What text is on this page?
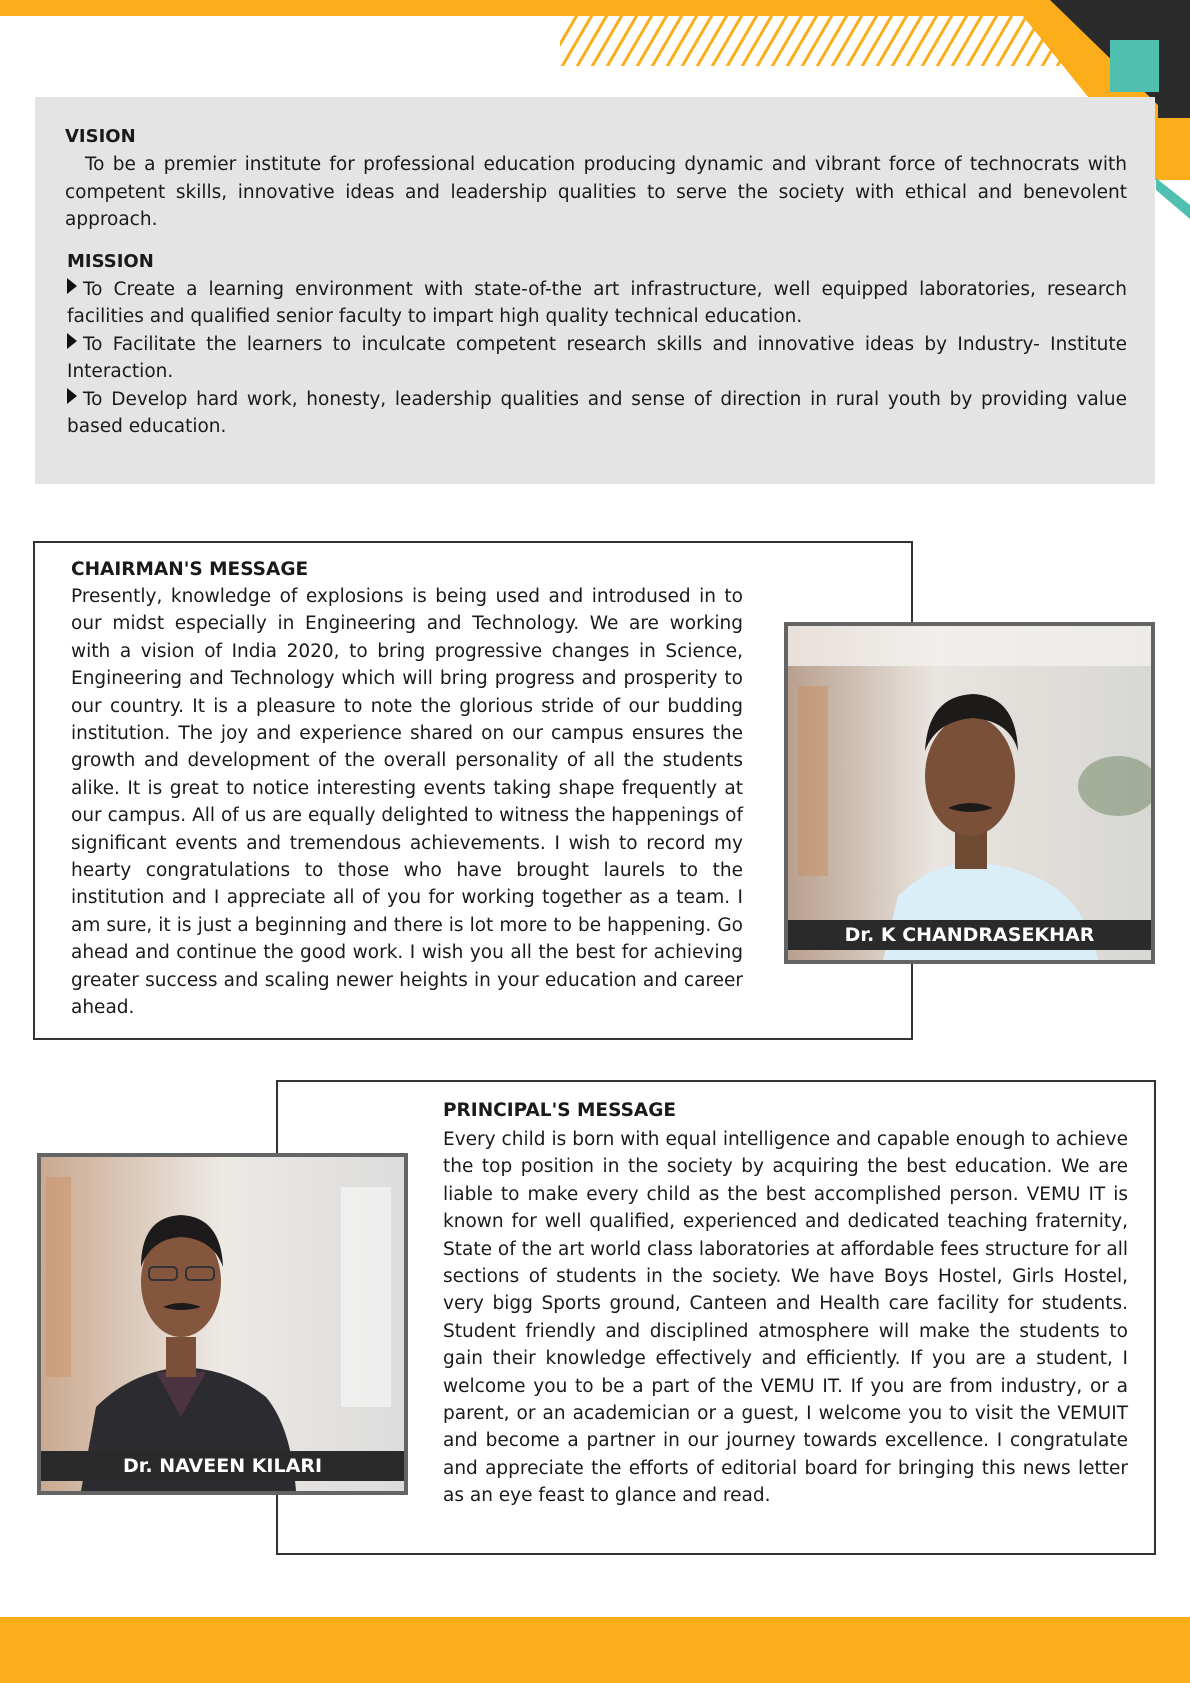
VISION

To be a premier institute for professional education producing dynamic and vibrant force of technocrats with competent skills, innovative ideas and leadership qualities to serve the society with ethical and benevolent approach.

MISSION

To Create a learning environment with state-of-the art infrastructure, well equipped laboratories, research facilities and qualified senior faculty to impart high quality technical education.

To Facilitate the learners to inculcate competent research skills and innovative ideas by Industry- Institute Interaction.

To Develop hard work, honesty, leadership qualities and sense of direction in rural youth by providing value based education.

CHAIRMAN'S MESSAGE

Presently, knowledge of explosions is being used and introdused in to our midst especially in Engineering and Technology. We are working with a vision of India 2020, to bring progressive changes in Science, Engineering and Technology which will bring progress and prosperity to our country. It is a pleasure to note the glorious stride of our budding institution. The joy and experience shared on our campus ensures the growth and development of the overall personality of all the students alike. It is great to notice interesting events taking shape frequently at our campus. All of us are equally delighted to witness the happenings of significant events and tremendous achievements. I wish to record my hearty congratulations to those who have brought laurels to the institution and I appreciate all of you for working together as a team. I am sure, it is just a beginning and there is lot more to be happening. Go ahead and continue the good work. I wish you all the best for achieving greater success and scaling newer heights in your education and career ahead.

Dr. K CHANDRASEKHAR
PRINCIPAL'S MESSAGE

Every child is born with equal intelligence and capable enough to achieve the top position in the society by acquiring the best education. We are liable to make every child as the best accomplished person. VEMU IT is known for well qualified, experienced and dedicated teaching fraternity, State of the art world class laboratories at affordable fees structure for all sections of students in the society. We have Boys Hostel, Girls Hostel, very bigg Sports ground, Canteen and Health care facility for students. Student friendly and disciplined atmosphere will make the students to gain their knowledge effectively and efficiently. If you are a student, I welcome you to be a part of the VEMU IT. If you are from industry, or a parent, or an academician or a guest, I welcome you to visit the VEMUIT and become a partner in our journey towards excellence. I congratulate and appreciate the efforts of editorial board for bringing this news letter as an eye feast to glance and read.

Dr. NAVEEN KILARI
